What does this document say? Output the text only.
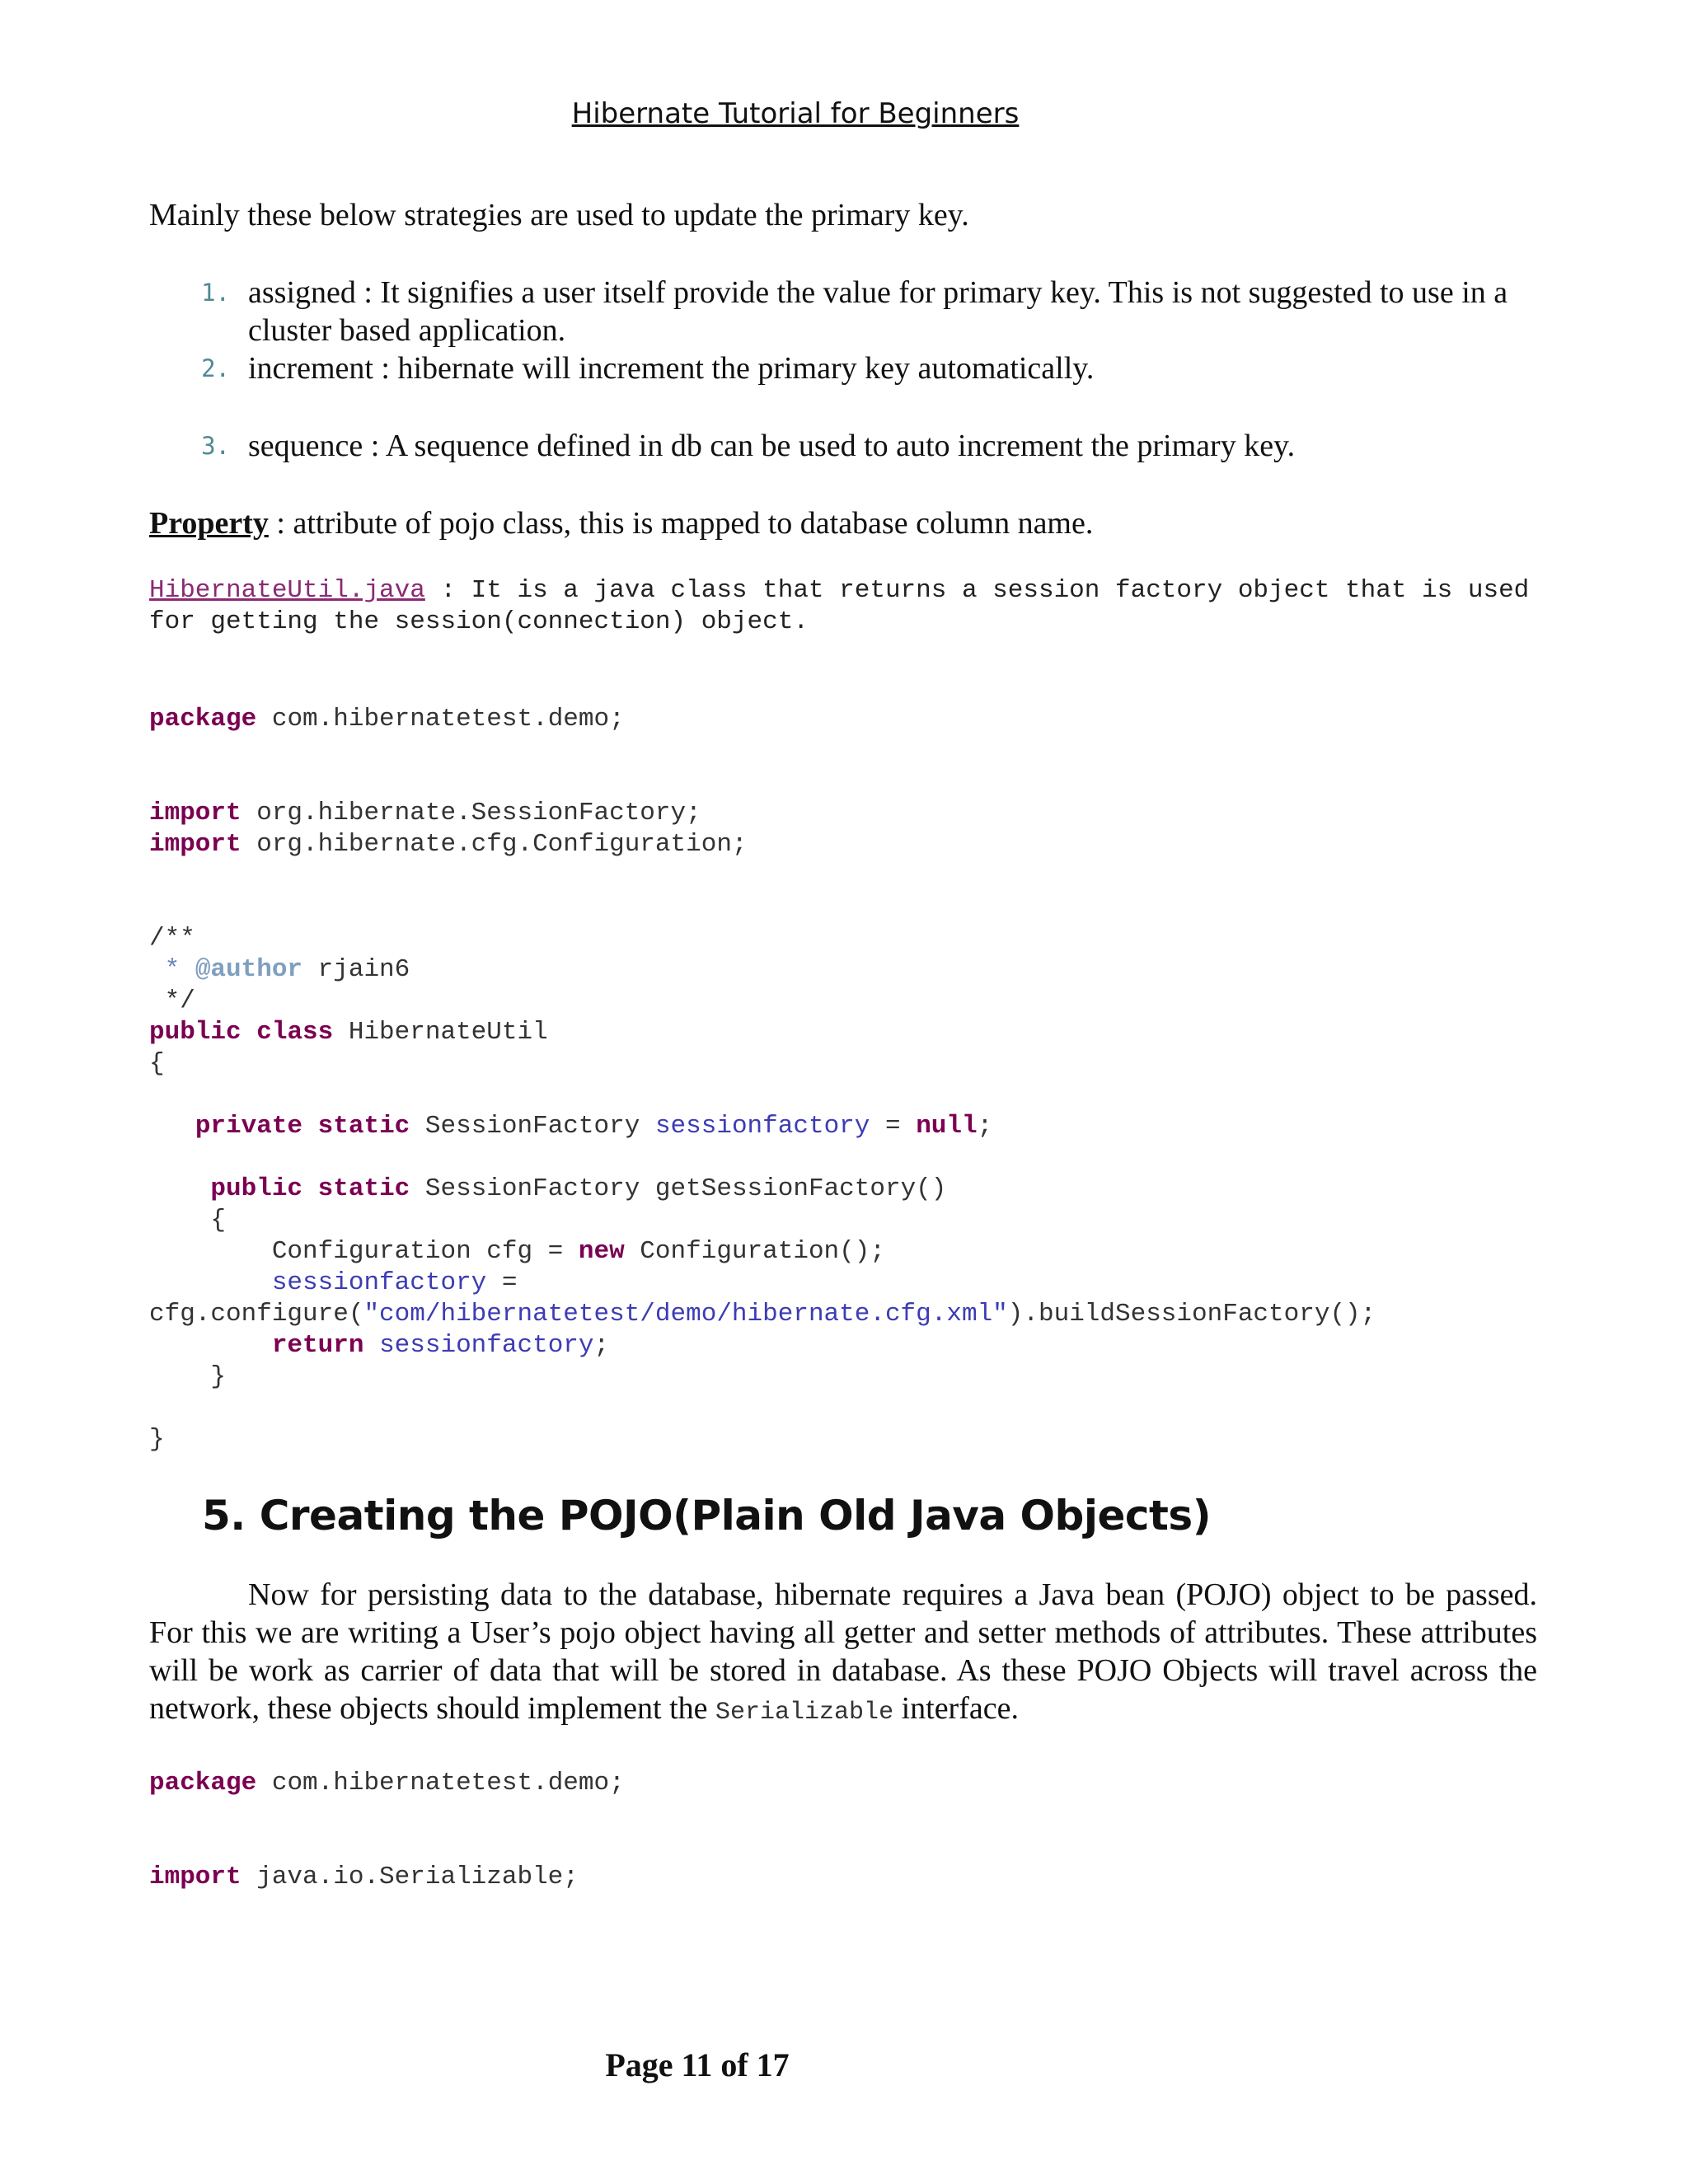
Hibernate Tutorial for Beginners

Mainly these below strategies are used to update the primary key.

1. assigned : It signifies a user itself provide the value for primary key. This is not suggested to use in a cluster based application.
2. increment : hibernate will increment the primary key automatically.
3. sequence : A sequence defined in db can be used to auto increment the primary key.

Property : attribute of pojo class, this is mapped to database column name.

HibernateUtil.java : It is a java class that returns a session factory object that is used for getting the session(connection) object.
package com.hibernatetest.demo;

import org.hibernate.SessionFactory;
import org.hibernate.cfg.Configuration;

/**
* @author rjain6
*/
public class HibernateUtil
{

private static SessionFactory sessionfactory = null;

public static SessionFactory getSessionFactory()
{
Configuration cfg = new Configuration();
sessionfactory =
cfg.configure("com/hibernatetest/demo/hibernate.cfg.xml").buildSessionFactory();
return sessionfactory;
}

}
5. Creating the POJO(Plain Old Java Objects)

Now for persisting data to the database, hibernate requires a Java bean (POJO) object to be passed. For this we are writing a User’s pojo object having all getter and setter methods of attributes. These attributes will be work as carrier of data that will be stored in database. As these POJO Objects will travel across the network, these objects should implement the Serializable interface.

package com.hibernatetest.demo;

import java.io.Serializable;
Page 11 of 17
